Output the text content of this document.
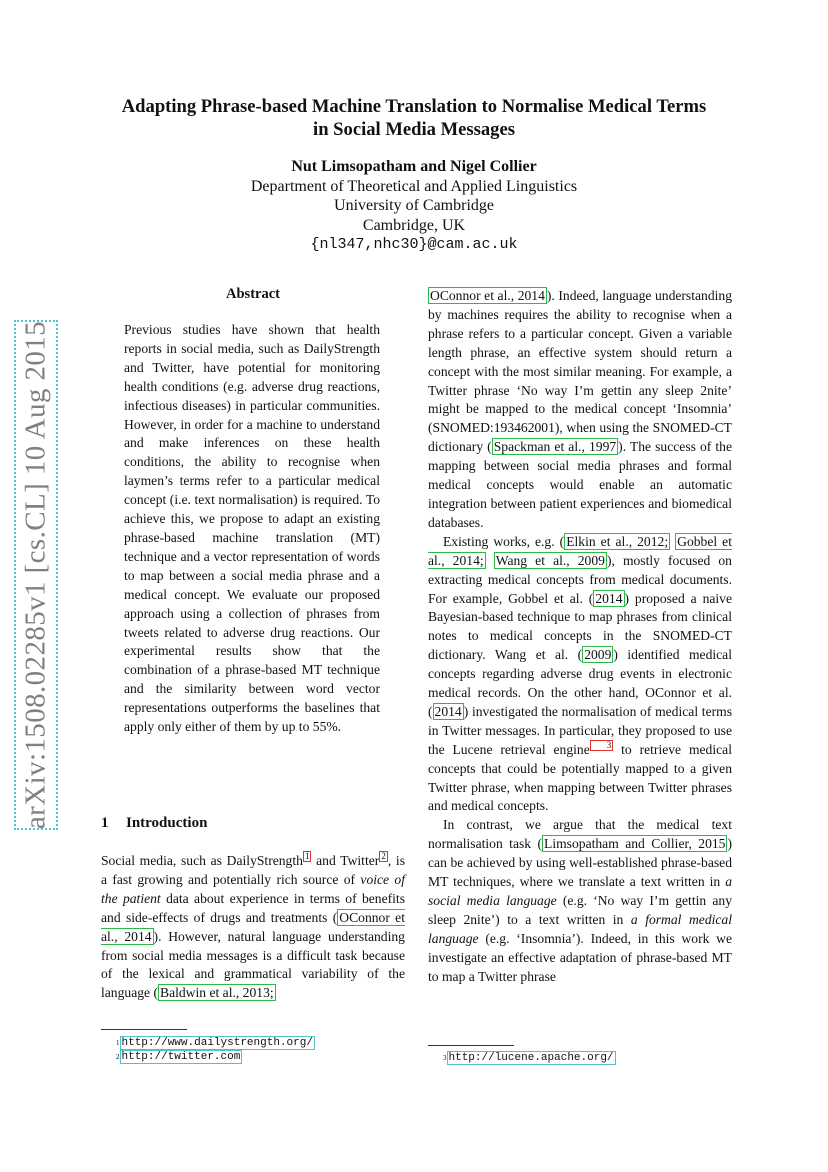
arXiv:1508.02285v1 [cs.CL] 10 Aug 2015
Adapting Phrase-based Machine Translation to Normalise Medical Terms
in Social Media Messages
Nut Limsopatham and Nigel Collier
Department of Theoretical and Applied Linguistics
University of Cambridge
Cambridge, UK
{nl347,nhc30}@cam.ac.uk
Abstract

Previous studies have shown that health reports in social media, such as DailyStrength and Twitter, have potential for monitoring health conditions (e.g. adverse drug reactions, infectious diseases) in particular communities. However, in order for a machine to understand and make inferences on these health conditions, the ability to recognise when laymen’s terms refer to a particular medical concept (i.e. text normalisation) is required. To achieve this, we propose to adapt an existing phrase-based machine translation (MT) technique and a vector representation of words to map between a social media phrase and a medical concept. We evaluate our proposed approach using a collection of phrases from tweets related to adverse drug reactions. Our experimental results show that the combination of a phrase-based MT technique and the similarity between word vector representations outperforms the baselines that apply only either of them by up to 55%.

1 Introduction

Social media, such as DailyStrength 1 and Twitter 2 , is a fast growing and potentially rich source of voice of the patient data about experience in terms of benefits and side-effects of drugs and treatments ( OConnor et al., 2014 ). However, natural language understanding from social media messages is a difficult task because of the lexical and grammatical variability of the language ( Baldwin et al., 2013;

$^1$ http://www.dailystrength.org/
$^2$ http://twitter.com

OConnor et al., 2014 ). Indeed, language understanding by machines requires the ability to recognise when a phrase refers to a particular concept. Given a variable length phrase, an effective system should return a concept with the most similar meaning. For example, a Twitter phrase ‘No way I’m gettin any sleep 2nite’ might be mapped to the medical concept ‘Insomnia’ (SNOMED:193462001), when using the SNOMED-CT dictionary ( Spackman et al., 1997 ). The success of the mapping between social media phrases and formal medical concepts would enable an automatic integration between patient experiences and biomedical databases.

Existing works, e.g. ( Elkin et al., 2012; Gobbel et al., 2014; Wang et al., 2009 ), mostly focused on extracting medical concepts from medical documents. For example, Gobbel et al. ( 2014 ) proposed a naive Bayesian-based technique to map phrases from clinical notes to medical concepts in the SNOMED-CT dictionary. Wang et al. ( 2009 ) identified medical concepts regarding adverse drug events in electronic medical records. On the other hand, OConnor et al. ( 2014 ) investigated the normalisation of medical terms in Twitter messages. In particular, they proposed to use the Lucene retrieval engine 3 to retrieve medical concepts that could be potentially mapped to a given Twitter phrase, when mapping between Twitter phrases and medical concepts.

In contrast, we argue that the medical text normalisation task ( Limsopatham and Collier, 2015 ) can be achieved by using well-established phrase-based MT techniques, where we translate a text written in a social media language (e.g. ‘No way I’m gettin any sleep 2nite’) to a text written in a formal medical language (e.g. ‘Insomnia’). Indeed, in this work we investigate an effective adaptation of phrase-based MT to map a Twitter phrase

$^3$ http://lucene.apache.org/
